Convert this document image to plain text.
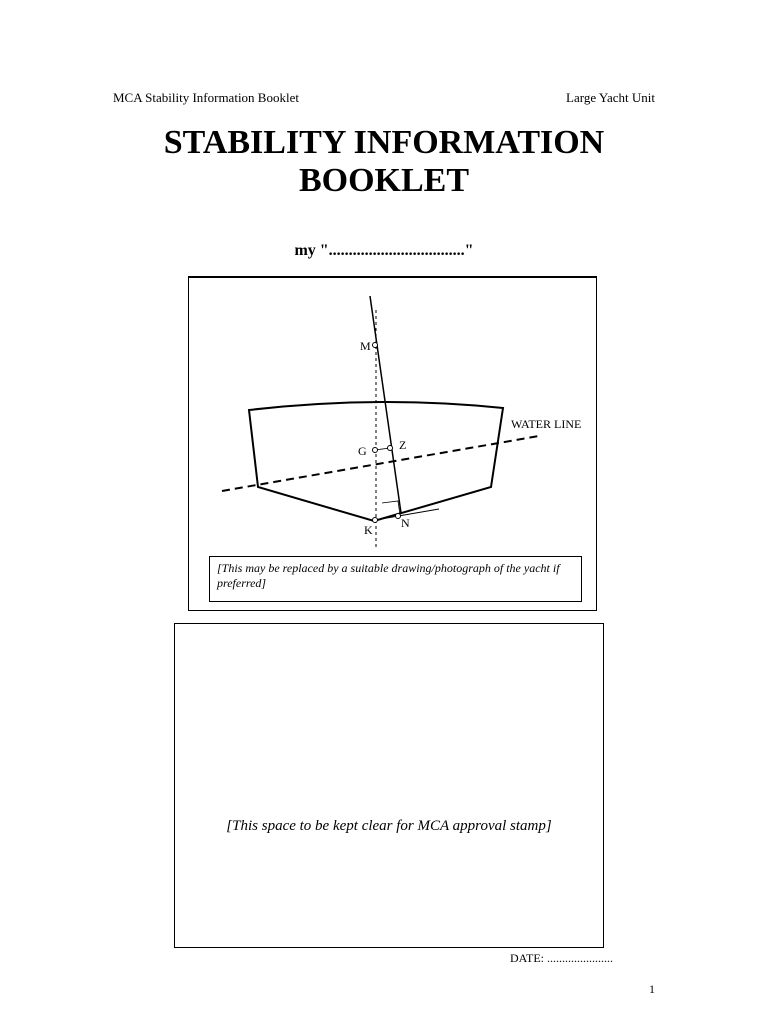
MCA Stability Information Booklet	Large Yacht Unit
STABILITY INFORMATION
BOOKLET
my ".................................."
M
G	Z
K N
WATER LINE
[This may be replaced by a suitable drawing/photograph of the yacht if preferred]
[This space to be kept clear for MCA approval stamp]
DATE: ......................
1
